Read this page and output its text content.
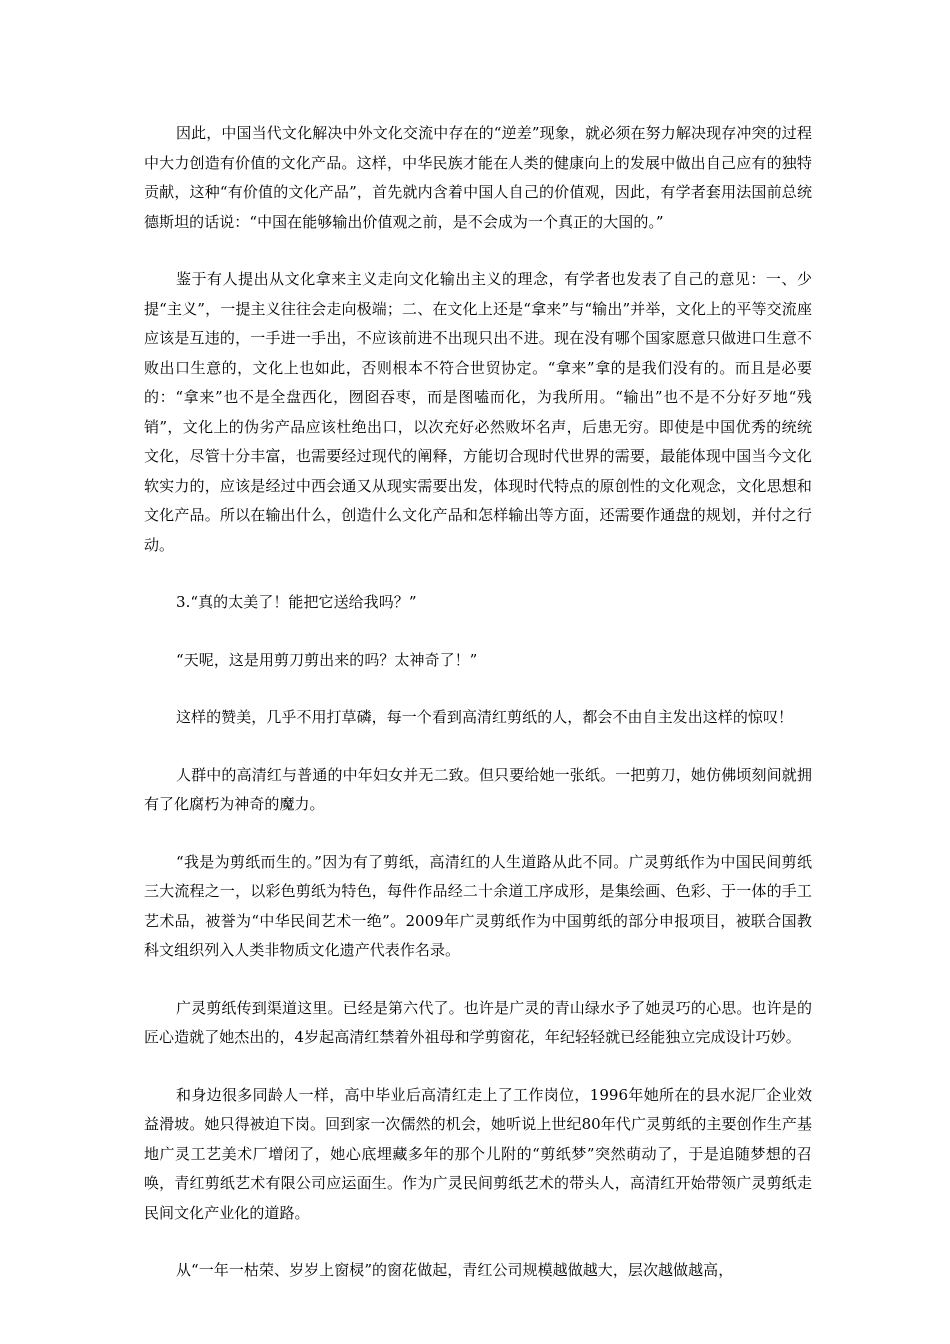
因此，中国当代文化解决中外文化交流中存在的“逆差”现象，就必须在努力解决现存冲突的过程中大力创造有价值的文化产品。这样，中华民族才能在人类的健康向上的发展中做出自己应有的独特贡献，这种“有价值的文化产品”，首先就内含着中国人自己的价值观，因此，有学者套用法国前总统德斯坦的话说：“中国在能够输出价值观之前，是不会成为一个真正的大国的。”

鉴于有人提出从文化拿来主义走向文化输出主义的理念，有学者也发表了自己的意见：一、少提“主义”，一提主义往往会走向极端；二、在文化上还是“拿来”与“输出”并举，文化上的平等交流座应该是互违的，一手进一手出，不应该前进不出现只出不进。现在没有哪个国家愿意只做进口生意不败出口生意的，文化上也如此，否则根本不符合世贸协定。“拿来”拿的是我们没有的。而且是必要的：“拿来”也不是全盘西化，囫囵吞枣，而是图嗑而化，为我所用。“输出”也不是不分好歹地“残销”，文化上的伪劣产品应该杜绝出口，以次充好必然败坏名声，后患无穷。即使是中国优秀的统统文化，尽管十分丰富，也需要经过现代的阐释，方能切合现时代世界的需要，最能体现中国当今文化软实力的，应该是经过中西会通又从现实需要出发，体现时代特点的原创性的文化观念，文化思想和文化产品。所以在输出什么，创造什么文化产品和怎样输出等方面，还需要作通盘的规划，并付之行动。

3.“真的太美了！能把它送给我吗？”

“天呢，这是用剪刀剪出来的吗？太神奇了！”

这样的赞美，几乎不用打草磷，每一个看到高清红剪纸的人，都会不由自主发出这样的惊叹！

人群中的高清红与普通的中年妇女并无二致。但只要给她一张纸。一把剪刀，她仿佛顷刻间就拥有了化腐朽为神奇的魔力。

“我是为剪纸而生的。”因为有了剪纸，高清红的人生道路从此不同。广灵剪纸作为中国民间剪纸三大流程之一，以彩色剪纸为特色，每件作品经二十余道工序成形，是集绘画、色彩、于一体的手工艺术品，被誉为“中华民间艺术一绝”。2009年广灵剪纸作为中国剪纸的部分申报项目，被联合国教科文组织列入人类非物质文化遗产代表作名录。

广灵剪纸传到渠道这里。已经是第六代了。也许是广灵的青山绿水予了她灵巧的心思。也许是的匠心造就了她杰出的，4岁起高清红禁着外祖母和学剪窗花，年纪轻轻就已经能独立完成设计巧妙。

和身边很多同龄人一样，高中毕业后高清红走上了工作岗位，1996年她所在的县水泥厂企业效益滑坡。她只得被迫下岗。回到家一次儒然的机会，她听说上世纪80年代广灵剪纸的主要创作生产基地广灵工艺美术厂增闭了，她心底埋藏多年的那个儿附的“剪纸梦”突然萌动了，于是追随梦想的召唤，青红剪纸艺术有限公司应运面生。作为广灵民间剪纸艺术的带头人，高清红开始带领广灵剪纸走民间文化产业化的道路。

从“一年一枯荣、岁岁上窗棂”的窗花做起，青红公司规模越做越大，层次越做越高，
